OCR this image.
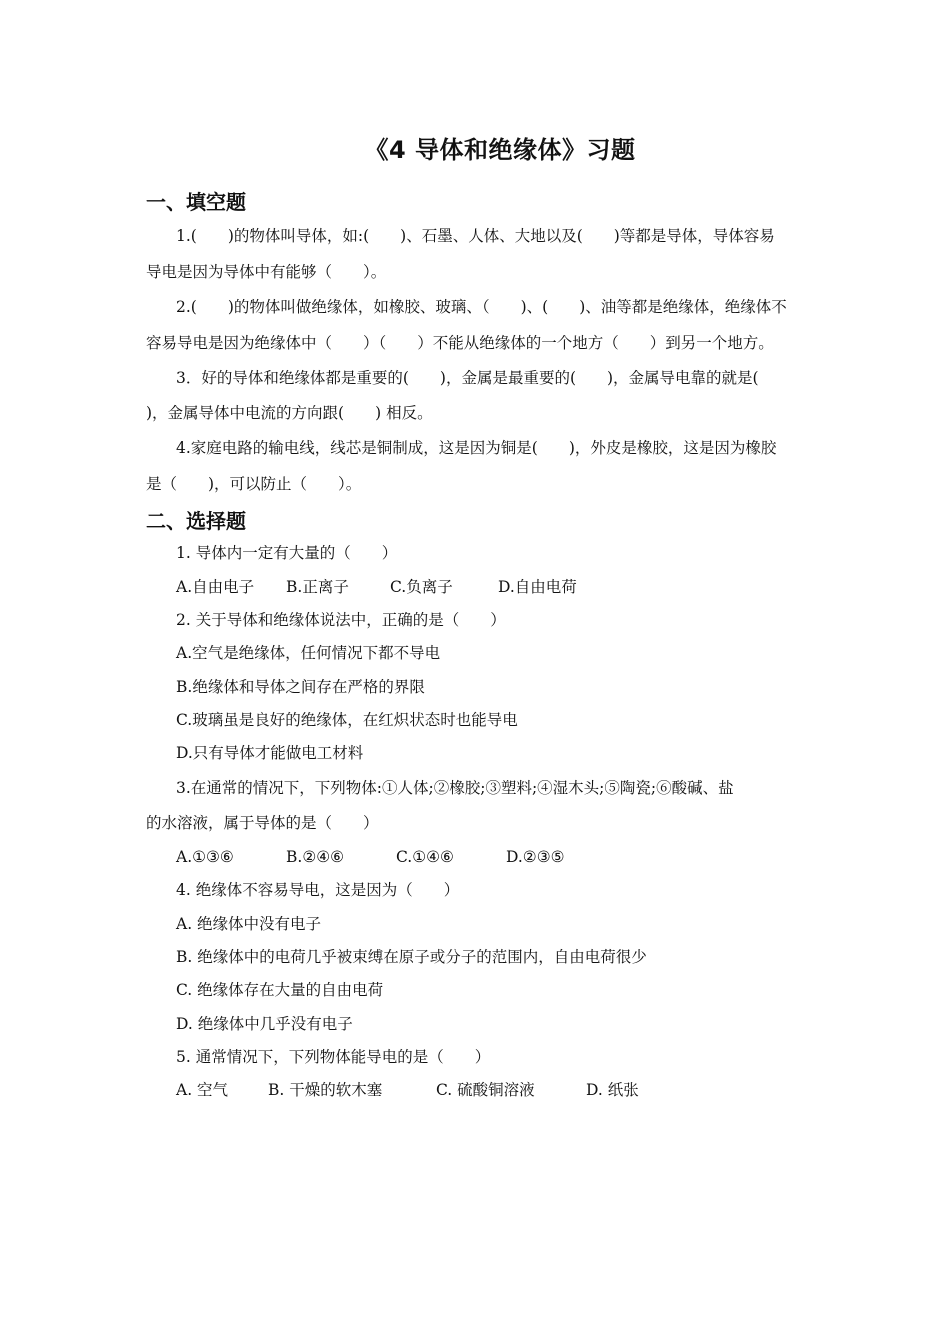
《4 导体和绝缘体》习题
一、填空题
1.(　　)的物体叫导体，如:(　　)、石墨、人体、大地以及(　　)等都是导体，导体容易
导电是因为导体中有能够（　　）。
2.(　　)的物体叫做绝缘体，如橡胶、玻璃、（　　)、(　　)、油等都是绝缘体，绝缘体不
容易导电是因为绝缘体中（　　）（　　）不能从绝缘体的一个地方（　　）到另一个地方。
3．好的导体和绝缘体都是重要的(　　)，金属是最重要的(　　)，金属导电靠的就是(
)，金属导体中电流的方向跟(　　) 相反。
4.家庭电路的输电线，线芯是铜制成，这是因为铜是(　　)，外皮是橡胶，这是因为橡胶
是（　　)，可以防止（　　）。
二、选择题
1. 导体内一定有大量的（　　）
A.自由电子 B.正离子	C.负离子	D.自由电荷
2. 关于导体和绝缘体说法中，正确的是（　　）
A.空气是绝缘体，任何情况下都不导电
B.绝缘体和导体之间存在严格的界限
C.玻璃虽是良好的绝缘体，在红炽状态时也能导电
D.只有导体才能做电工材料
3.在通常的情况下，下列物体:①人体;②橡胶;③塑料;④湿木头;⑤陶瓷;⑥酸碱、盐
的水溶液，属于导体的是（　　）
A.①③⑥	B.②④⑥	C.①④⑥	D.②③⑤
4. 绝缘体不容易导电，这是因为（　　）
A. 绝缘体中没有电子
B. 绝缘体中的电荷几乎被束缚在原子或分子的范围内，自由电荷很少
C. 绝缘体存在大量的自由电荷
D. 绝缘体中几乎没有电子
5. 通常情况下，下列物体能导电的是（　　）
A. 空气	B. 干燥的软木塞	C. 硫酸铜溶液	D. 纸张
